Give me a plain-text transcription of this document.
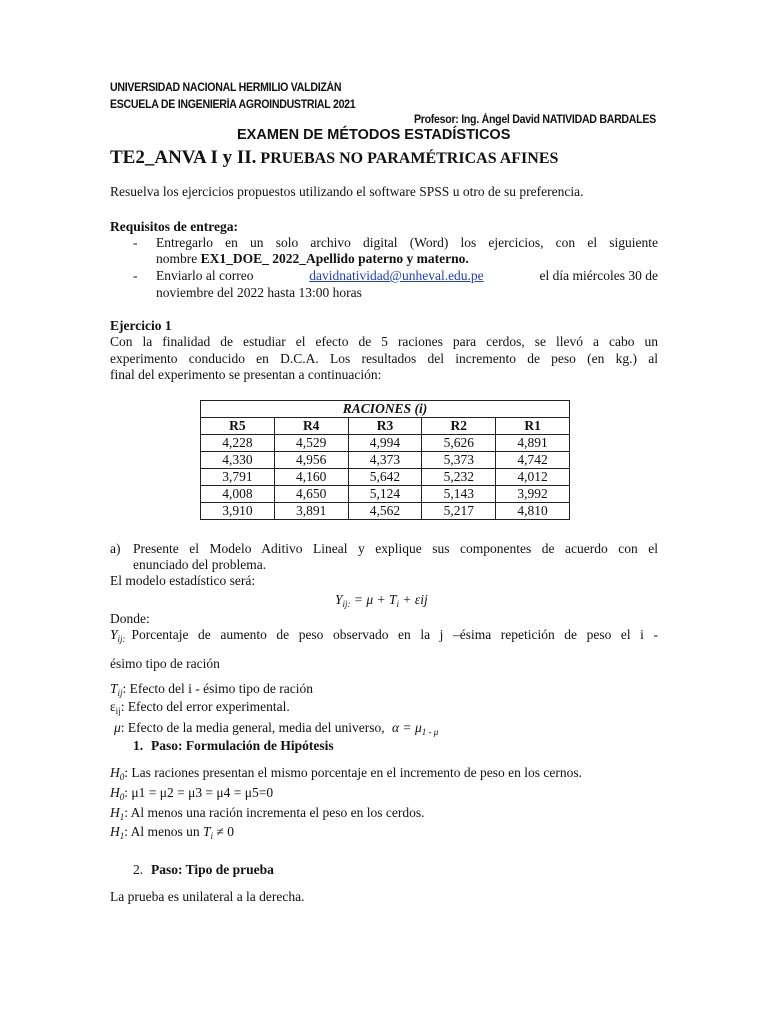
UNIVERSIDAD NACIONAL HERMILIO VALDIZÁN
ESCUELA DE INGENIERÍA AGROINDUSTRIAL 2021
Profesor: Ing. Ángel David NATIVIDAD BARDALES
EXAMEN DE MÉTODOS ESTADÍSTICOS
TE2_ANVA I y II. PRUEBAS NO PARAMÉTRICAS AFINES
Resuelva los ejercicios propuestos utilizando el software SPSS u otro de su preferencia.
Requisitos de entrega:
- Entregarlo en un solo archivo digital (Word) los ejercicios, con el siguiente
nombre EX1_DOE_ 2022_Apellido paterno y materno.
- Enviarlo al correo	davidnatividad@unheval.edu.pe	el día miércoles 30 de
noviembre del 2022 hasta 13:00 horas
Ejercicio 1
Con la finalidad de estudiar el efecto de 5 raciones para cerdos, se llevó a cabo un
experimento conducido en D.C.A. Los resultados del incremento de peso (en kg.) al
final del experimento se presentan a continuación:
RACIONES (i)				
R5	R4	R3	R2	R1
4,228	4,529	4,994	5,626	4,891
4,330	4,956	4,373	5,373	4,742
3,791	4,160	5,642	5,232	4,012
4,008	4,650	5,124	5,143	3,992
3,910	3,891	4,562	5,217	4,810
a) Presente el Modelo Aditivo Lineal y explique sus componentes de acuerdo con el
enunciado del problema.
El modelo estadístico será:
$Y_{ij:} = \mu + T_i + \varepsilon ij$
Donde:
$Y_{ij:}$ Porcentaje de aumento de peso observado en la j –ésima repetición de peso el i -
ésimo tipo de ración
$T_{ij}$: Efecto del i - ésimo tipo de ración
$\varepsilon_{ij}$: Efecto del error experimental.
μ: Efecto de la media general, media del universo, $\alpha = \mu_{1 - \mu}$
1. Paso: Formulación de Hipótesis
$H_0$: Las raciones presentan el mismo porcentaje en el incremento de peso en los cernos.
$H_0$: μ1 = μ2 = μ3 = μ4 = μ5=0
$H_1$: Al menos una ración incrementa el peso en los cerdos.
$H_1$: Al menos un $T_i \ne 0$
2. Paso: Tipo de prueba
La prueba es unilateral a la derecha.
